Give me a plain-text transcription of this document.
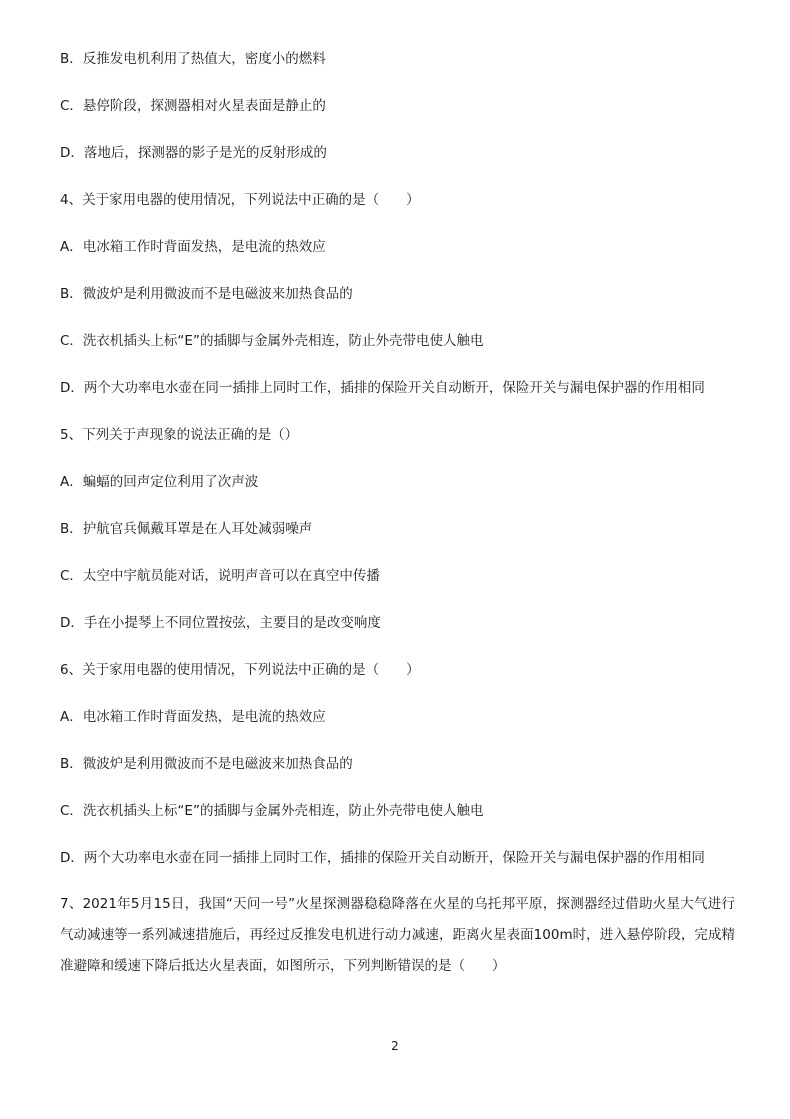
B．反推发电机利用了热值大，密度小的燃料
C．悬停阶段，探测器相对火星表面是静止的
D．落地后，探测器的影子是光的反射形成的
4、关于家用电器的使用情况，下列说法中正确的是（　　）
A．电冰箱工作时背面发热，是电流的热效应
B．微波炉是利用微波而不是电磁波来加热食品的
C．洗衣机插头上标“E”的插脚与金属外壳相连，防止外壳带电使人触电
D．两个大功率电水壶在同一插排上同时工作，插排的保险开关自动断开，保险开关与漏电保护器的作用相同
5、下列关于声现象的说法正确的是（）
A．蝙蝠的回声定位利用了次声波
B．护航官兵佩戴耳罩是在人耳处减弱噪声
C．太空中宇航员能对话，说明声音可以在真空中传播
D．手在小提琴上不同位置按弦，主要目的是改变响度
6、关于家用电器的使用情况，下列说法中正确的是（　　）
A．电冰箱工作时背面发热，是电流的热效应
B．微波炉是利用微波而不是电磁波来加热食品的
C．洗衣机插头上标“E”的插脚与金属外壳相连，防止外壳带电使人触电
D．两个大功率电水壶在同一插排上同时工作，插排的保险开关自动断开，保险开关与漏电保护器的作用相同
7、2021年5月15日，我国“天问一号”火星探测器稳稳降落在火星的乌托邦平原，探测器经过借助火星大气进行气动减速等一系列减速措施后，再经过反推发电机进行动力减速，距离火星表面100m时，进入悬停阶段，完成精准避障和缓速下降后抵达火星表面，如图所示，下列判断错误的是（　　）
2
